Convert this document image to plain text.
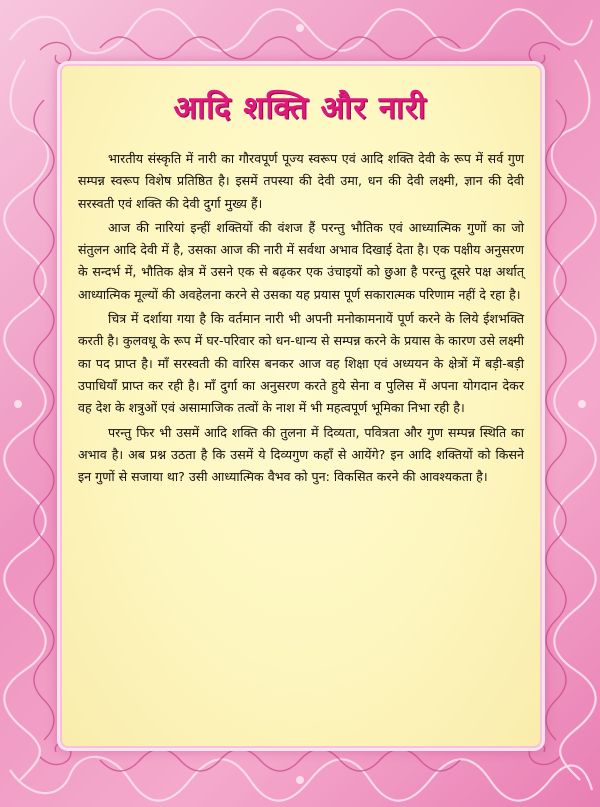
आदि शक्ति और नारी

भारतीय संस्कृति में नारी का गौरवपूर्ण पूज्य स्वरूप एवं आदि शक्ति देवी के रूप में सर्व गुण सम्पन्न स्वरूप विशेष प्रतिष्ठित है। इसमें तपस्या की देवी उमा, धन की देवी लक्ष्मी, ज्ञान की देवी सरस्वती एवं शक्ति की देवी दुर्गा मुख्य हैं।

आज की नारियां इन्हीं शक्तियों की वंशज हैं परन्तु भौतिक एवं आध्यात्मिक गुणों का जो संतुलन आदि देवी में है, उसका आज की नारी में सर्वथा अभाव दिखाई देता है। एक पक्षीय अनुसरण के सन्दर्भ में, भौतिक क्षेत्र में उसने एक से बढ़कर एक उंचाइयों को छुआ है परन्तु दूसरे पक्ष अर्थात् आध्यात्मिक मूल्यों की अवहेलना करने से उसका यह प्रयास पूर्ण सकारात्मक परिणाम नहीं दे रहा है।

चित्र में दर्शाया गया है कि वर्तमान नारी भी अपनी मनोकामनायें पूर्ण करने के लिये ईशभक्ति करती है। कुलवधू के रूप में घर-परिवार को धन-धान्य से सम्पन्न करने के प्रयास के कारण उसे लक्ष्मी का पद प्राप्त है। माँ सरस्वती की वारिस बनकर आज वह शिक्षा एवं अध्ययन के क्षेत्रों में बड़ी-बड़ी उपाधियाँ प्राप्त कर रही है। माँ दुर्गा का अनुसरण करते हुये सेना व पुलिस में अपना योगदान देकर वह देश के शत्रुओं एवं असामाजिक तत्वों के नाश में भी महत्वपूर्ण भूमिका निभा रही है।

परन्तु फिर भी उसमें आदि शक्ति की तुलना में दिव्यता, पवित्रता और गुण सम्पन्न स्थिति का अभाव है। अब प्रश्न उठता है कि उसमें ये दिव्यगुण कहाँ से आयेंगे? इन आदि शक्तियों को किसने इन गुणों से सजाया था? उसी आध्यात्मिक वैभव को पुन: विकसित करने की आवश्यकता है।
